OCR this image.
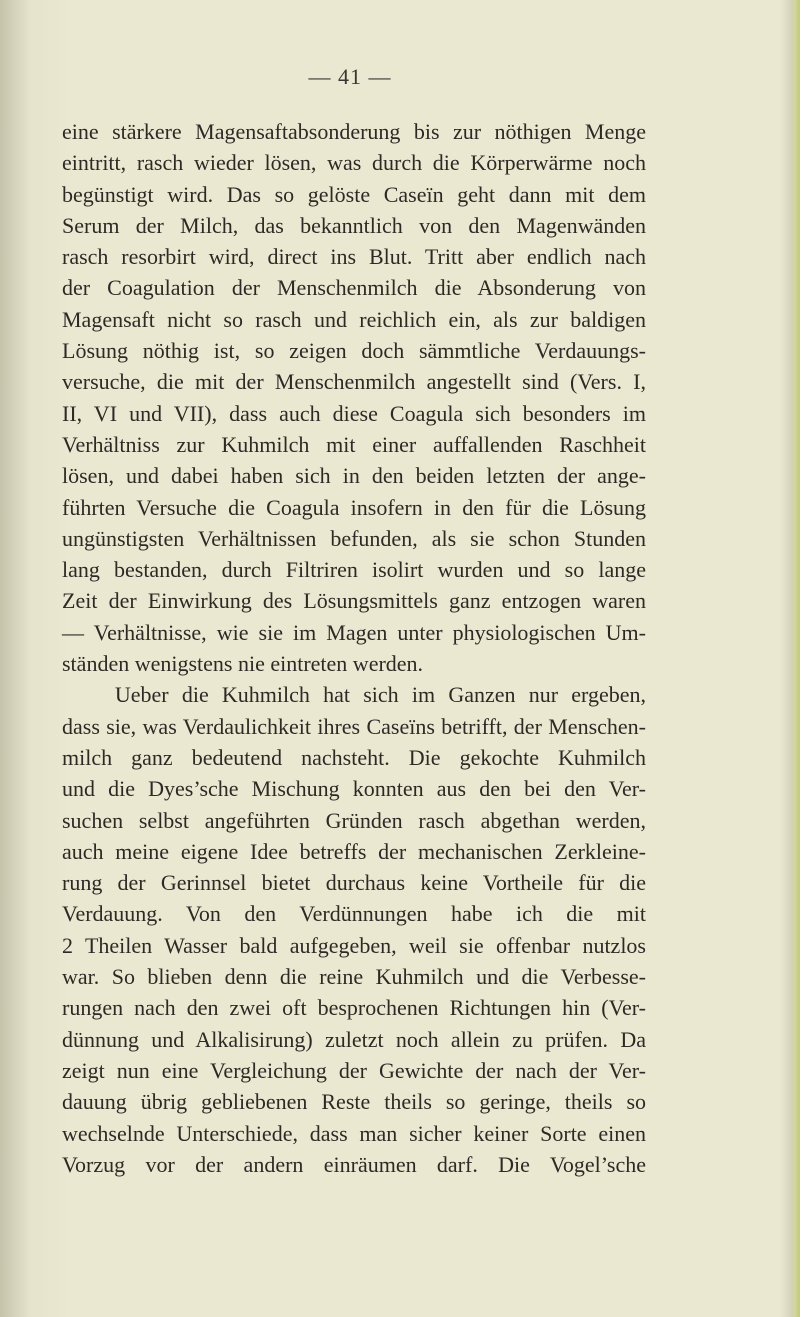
— 41 —
eine stärkere Magensaftabsonderung bis zur nöthigen Menge
eintritt, rasch wieder lösen, was durch die Körperwärme noch
begünstigt wird. Das so gelöste Caseïn geht dann mit dem
Serum der Milch, das bekanntlich von den Magenwänden
rasch resorbirt wird, direct ins Blut. Tritt aber endlich nach
der Coagulation der Menschenmilch die Absonderung von
Magensaft nicht so rasch und reichlich ein, als zur baldigen
Lösung nöthig ist, so zeigen doch sämmtliche Verdauungs-
versuche, die mit der Menschenmilch angestellt sind (Vers. I,
II, VI und VII), dass auch diese Coagula sich besonders im
Verhältniss zur Kuhmilch mit einer auffallenden Raschheit
lösen, und dabei haben sich in den beiden letzten der ange-
führten Versuche die Coagula insofern in den für die Lösung
ungünstigsten Verhältnissen befunden, als sie schon Stunden
lang bestanden, durch Filtriren isolirt wurden und so lange
Zeit der Einwirkung des Lösungsmittels ganz entzogen waren
— Verhältnisse, wie sie im Magen unter physiologischen Um-
ständen wenigstens nie eintreten werden.
Ueber die Kuhmilch hat sich im Ganzen nur ergeben,
dass sie, was Verdaulichkeit ihres Caseïns betrifft, der Menschen-
milch ganz bedeutend nachsteht. Die gekochte Kuhmilch
und die Dyes’sche Mischung konnten aus den bei den Ver-
suchen selbst angeführten Gründen rasch abgethan werden,
auch meine eigene Idee betreffs der mechanischen Zerkleine-
rung der Gerinnsel bietet durchaus keine Vortheile für die
Verdauung. Von den Verdünnungen habe ich die mit
2 Theilen Wasser bald aufgegeben, weil sie offenbar nutzlos
war. So blieben denn die reine Kuhmilch und die Verbesse-
rungen nach den zwei oft besprochenen Richtungen hin (Ver-
dünnung und Alkalisirung) zuletzt noch allein zu prüfen. Da
zeigt nun eine Vergleichung der Gewichte der nach der Ver-
dauung übrig gebliebenen Reste theils so geringe, theils so
wechselnde Unterschiede, dass man sicher keiner Sorte einen
Vorzug vor der andern einräumen darf. Die Vogel’sche
